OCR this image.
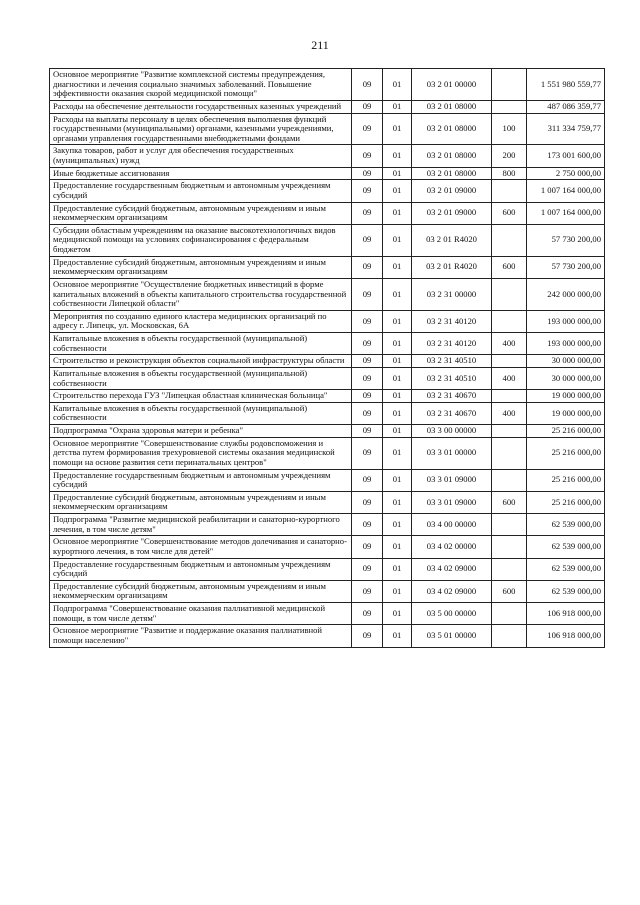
211
Основное мероприятие "Развитие комплексной системы предупреждения, диагностики и лечения социально значимых заболеваний. Повышение эффективности оказания скорой медицинской помощи"	09	01	03 2 01 00000		1 551 980 559,77
Расходы на обеспечение деятельности государственных казенных учреждений	09	01	03 2 01 08000		487 086 359,77
Расходы на выплаты персоналу в целях обеспечения выполнения функций государственными (муниципальными) органами, казенными учреждениями, органами управления государственными внебюджетными фондами	09	01	03 2 01 08000	100	311 334 759,77
Закупка товаров, работ и услуг для обеспечения государственных (муниципальных) нужд	09	01	03 2 01 08000	200	173 001 600,00
Иные бюджетные ассигнования	09	01	03 2 01 08000	800	2 750 000,00
Предоставление государственным бюджетным и автономным учреждениям субсидий	09	01	03 2 01 09000		1 007 164 000,00
Предоставление субсидий бюджетным, автономным учреждениям и иным некоммерческим организациям	09	01	03 2 01 09000	600	1 007 164 000,00
Субсидии областным учреждениям на оказание высокотехнологичных видов медицинской помощи на условиях софинансирования с федеральным бюджетом	09	01	03 2 01 R4020		57 730 200,00
Предоставление субсидий бюджетным, автономным учреждениям и иным некоммерческим организациям	09	01	03 2 01 R4020	600	57 730 200,00
Основное мероприятие "Осуществление бюджетных инвестиций в форме капитальных вложений в объекты капитального строительства государственной собственности Липецкой области"	09	01	03 2 31 00000		242 000 000,00
Мероприятия по созданию единого кластера медицинских организаций по адресу г. Липецк, ул. Московская, 6А	09	01	03 2 31 40120		193 000 000,00
Капитальные вложения в объекты государственной (муниципальной) собственности	09	01	03 2 31 40120	400	193 000 000,00
Строительство и реконструкция объектов социальной инфраструктуры области	09	01	03 2 31 40510		30 000 000,00
Капитальные вложения в объекты государственной (муниципальной) собственности	09	01	03 2 31 40510	400	30 000 000,00
Строительство перехода ГУЗ "Липецкая областная клиническая больница"	09	01	03 2 31 40670		19 000 000,00
Капитальные вложения в объекты государственной (муниципальной) собственности	09	01	03 2 31 40670	400	19 000 000,00
Подпрограмма "Охрана здоровья матери и ребенка"	09	01	03 3 00 00000		25 216 000,00
Основное мероприятие "Совершенствование службы родовспоможения и детства путем формирования трехуровневой системы оказания медицинской помощи на основе развития сети перинатальных центров"	09	01	03 3 01 00000		25 216 000,00
Предоставление государственным бюджетным и автономным учреждениям субсидий	09	01	03 3 01 09000		25 216 000,00
Предоставление субсидий бюджетным, автономным учреждениям и иным некоммерческим организациям	09	01	03 3 01 09000	600	25 216 000,00
Подпрограмма "Развитие медицинской реабилитации и санаторно-курортного лечения, в том числе детям"	09	01	03 4 00 00000		62 539 000,00
Основное мероприятие "Совершенствование методов долечивания и санаторно-курортного лечения, в том числе для детей"	09	01	03 4 02 00000		62 539 000,00
Предоставление государственным бюджетным и автономным учреждениям субсидий	09	01	03 4 02 09000		62 539 000,00
Предоставление субсидий бюджетным, автономным учреждениям и иным некоммерческим организациям	09	01	03 4 02 09000	600	62 539 000,00
Подпрограмма "Совершенствование оказания паллиативной медицинской помощи, в том числе детям"	09	01	03 5 00 00000		106 918 000,00
Основное мероприятие "Развитие и поддержание оказания паллиативной помощи населению"	09	01	03 5 01 00000		106 918 000,00
